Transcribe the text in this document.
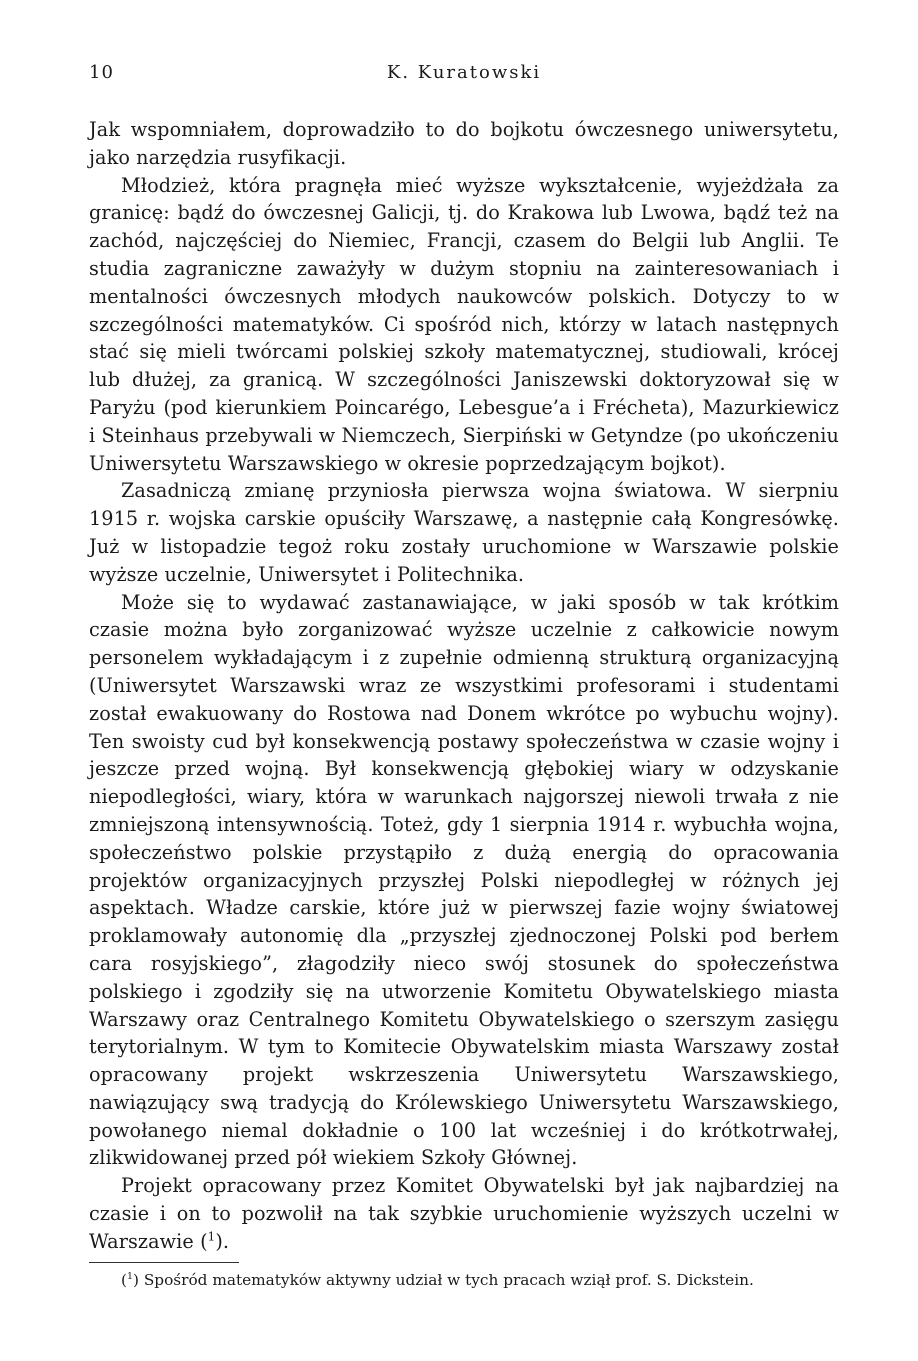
10	K. Kuratowski

Jak wspomniałem, doprowadziło to do bojkotu ówczesnego uniwersytetu, jako narzędzia rusyfikacji.

Młodzież, która pragnęła mieć wyższe wykształcenie, wyjeżdżała za granicę: bądź do ówczesnej Galicji, tj. do Krakowa lub Lwowa, bądź też na zachód, najczęściej do Niemiec, Francji, czasem do Belgii lub Anglii. Te studia zagraniczne zaważyły w dużym stopniu na zainteresowaniach i mentalności ówczesnych młodych naukowców polskich. Dotyczy to w szczególności matematyków. Ci spośród nich, którzy w latach następnych stać się mieli twórcami polskiej szkoły matematycznej, studiowali, krócej lub dłużej, za granicą. W szczególności Janiszewski doktoryzował się w Paryżu (pod kierunkiem Poincarégo, Lebesgue’a i Frécheta), Mazurkiewicz i Steinhaus przebywali w Niemczech, Sierpiński w Getyndze (po ukończeniu Uniwersytetu Warszawskiego w okresie poprzedzającym bojkot).

Zasadniczą zmianę przyniosła pierwsza wojna światowa. W sierpniu 1915 r. wojska carskie opuściły Warszawę, a następnie całą Kongresówkę. Już w listopadzie tegoż roku zostały uruchomione w Warszawie polskie wyższe uczelnie, Uniwersytet i Politechnika.

Może się to wydawać zastanawiające, w jaki sposób w tak krótkim czasie można było zorganizować wyższe uczelnie z całkowicie nowym personelem wykładającym i z zupełnie odmienną strukturą organizacyjną (Uniwersytet Warszawski wraz ze wszystkimi profesorami i studentami został ewakuowany do Rostowa nad Donem wkrótce po wybuchu wojny). Ten swoisty cud był konsekwencją postawy społeczeństwa w czasie wojny i jeszcze przed wojną. Był konsekwencją głębokiej wiary w odzyskanie niepodległości, wiary, która w warunkach najgorszej niewoli trwała z nie zmniejszoną intensywnością. Toteż, gdy 1 sierpnia 1914 r. wybuchła wojna, społeczeństwo polskie przystąpiło z dużą energią do opracowania projektów organizacyjnych przyszłej Polski niepodległej w różnych jej aspektach. Władze carskie, które już w pierwszej fazie wojny światowej proklamowały autonomię dla „przyszłej zjednoczonej Polski pod berłem cara rosyjskiego”, złagodziły nieco swój stosunek do społeczeństwa polskiego i zgodziły się na utworzenie Komitetu Obywatelskiego miasta Warszawy oraz Centralnego Komitetu Obywatelskiego o szerszym zasięgu terytorialnym. W tym to Komitecie Obywatelskim miasta Warszawy został opracowany projekt wskrzeszenia Uniwersytetu Warszawskiego, nawiązujący swą tradycją do Królewskiego Uniwersytetu Warszawskiego, powołanego niemal dokładnie o 100 lat wcześniej i do krótkotrwałej, zlikwidowanej przed pół wiekiem Szkoły Głównej.

Projekt opracowany przez Komitet Obywatelski był jak najbardziej na czasie i on to pozwolił na tak szybkie uruchomienie wyższych uczelni w Warszawie ($^1$).

($^1$) Spośród matematyków aktywny udział w tych pracach wziął prof. S. Dickstein.
